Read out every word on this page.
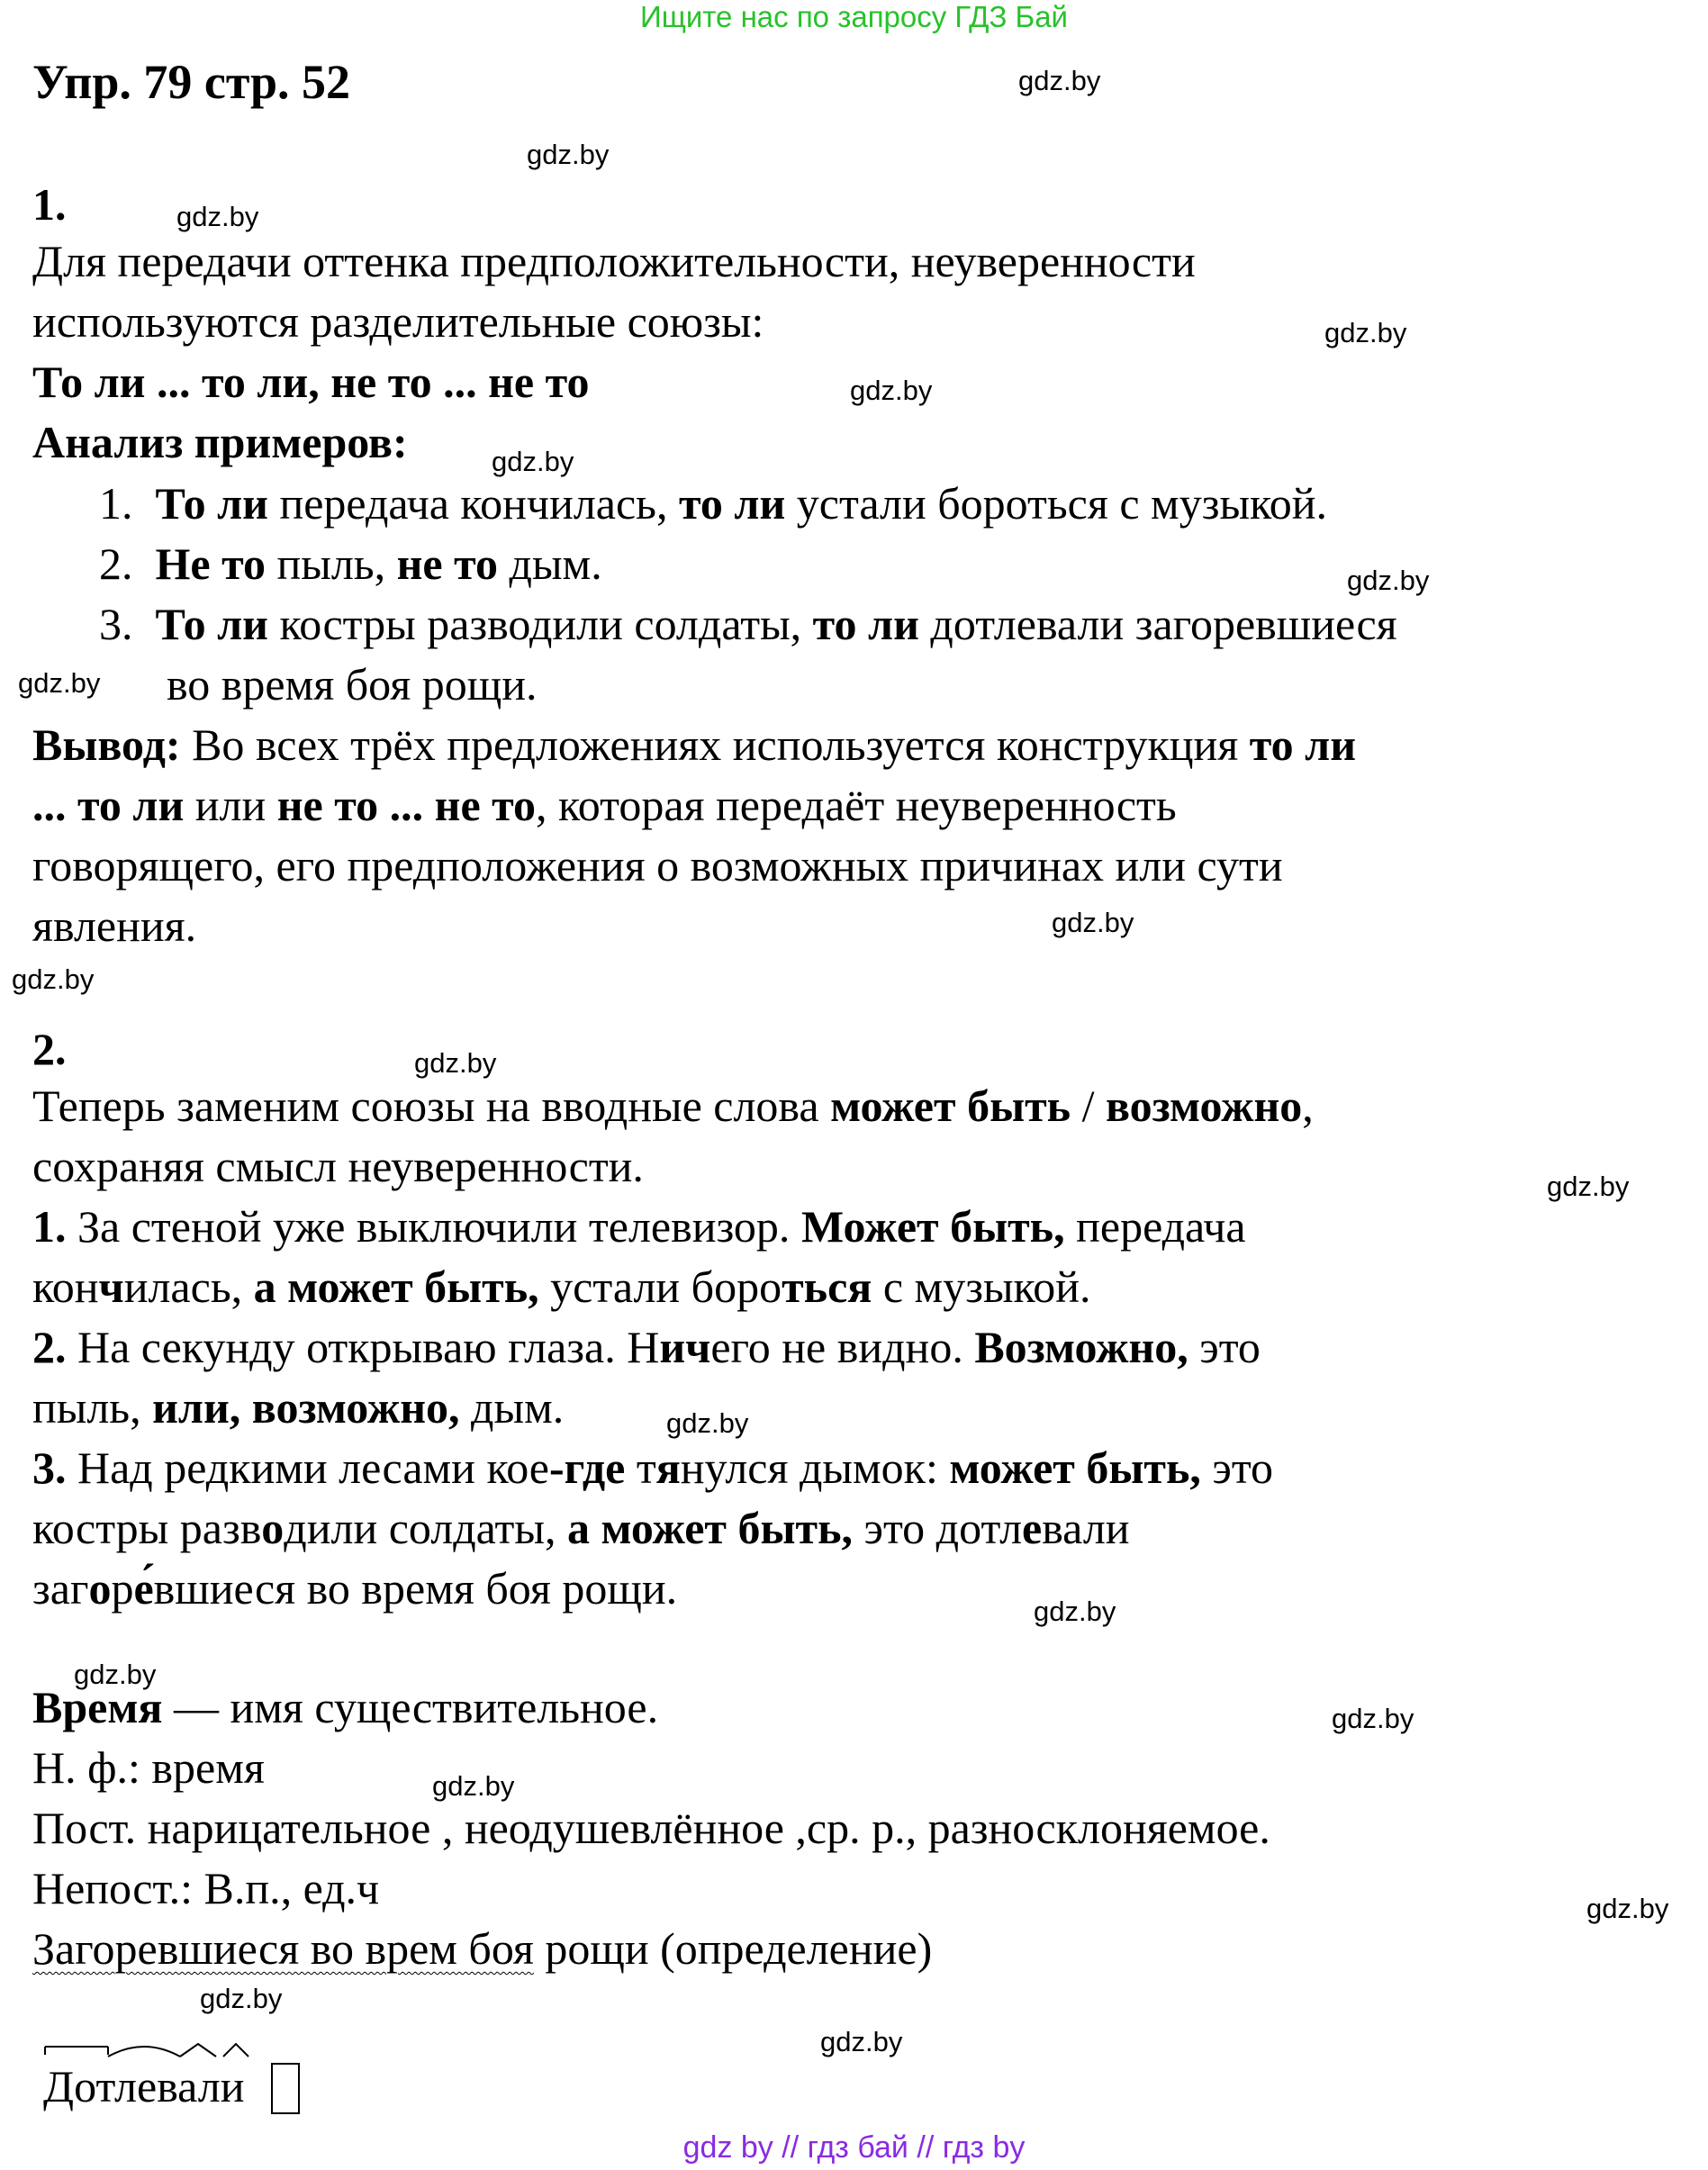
Ищите нас по запросу ГДЗ Бай
Упр. 79 стр. 52	gdz.by
gdz.by
gdz.by
gdz.by
gdz.by
gdz.by
gdz.by
gdz.by
gdz.by
gdz.by
gdz.by
gdz.by
gdz.by
gdz.by
gdz.by
gdz.by
gdz.by
gdz.by
gdz.by
gdz.by
1.
Для передачи оттенка предположительности, неуверенности
используются разделительные союзы:
То ли ... то ли, не то ... не то
Анализ примеров:
1. То ли передача кончилась, то ли устали бороться с музыкой.
2. Не то пыль, не то дым.
3. То ли костры разводили солдаты, то ли дотлевали загоревшиеся
во время боя рощи.
Вывод: Во всех трёх предложениях используется конструкция то ли
... то ли или не то ... не то, которая передаёт неуверенность
говорящего, его предположения о возможных причинах или сути
явления.
2.
Теперь заменим союзы на вводные слова может быть / возможно,
сохраняя смысл неуверенности.
1. За стеной уже выключили телевизор. Может быть, передача
кончилась, а может быть, устали бороться с музыкой.
2. На секунду открываю глаза. Ничего не видно. Возможно, это
пыль, или, возможно, дым.
3. Над редкими лесами кое-где тянулся дымок: может быть, это
костры разводили солдаты, а может быть, это дотлевали
загоре́вшиеся во время боя рощи.
Время — имя существительное.
Н. ф.: время
Пост. нарицательное , неодушевлённое ,ср. р., разносклоняемое.
Непост.: В.п., ед.ч
Загоревшиеся во врем боя рощи (определение)
Дотлевали
gdz by // гдз бай // гдз by
